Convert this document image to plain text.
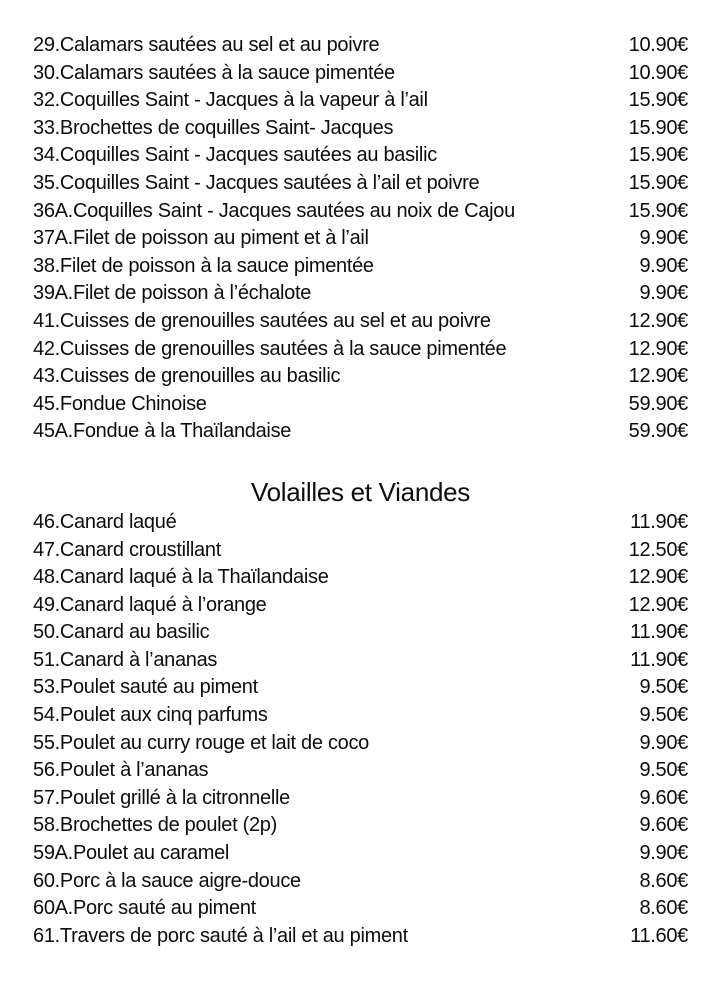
29.Calamars sautées au sel et au poivre	10.90€
30.Calamars sautées à la sauce pimentée	10.90€
32.Coquilles Saint - Jacques à la vapeur à l’ail	15.90€
33.Brochettes de coquilles Saint- Jacques	15.90€
34.Coquilles Saint - Jacques sautées au basilic	15.90€
35.Coquilles Saint - Jacques sautées à l’ail et poivre	15.90€
36A.Coquilles Saint - Jacques sautées au noix de Cajou	15.90€
37A.Filet de poisson au piment et à l’ail	9.90€
38.Filet de poisson à la sauce pimentée	9.90€
39A.Filet de poisson à l’échalote	9.90€
41.Cuisses de grenouilles sautées au sel et au poivre	12.90€
42.Cuisses de grenouilles sautées à la sauce pimentée	12.90€
43.Cuisses de grenouilles au basilic	12.90€
45.Fondue Chinoise	59.90€
45A.Fondue à la Thaïlandaise	59.90€
Volailles et Viandes
46.Canard laqué	11.90€
47.Canard croustillant	12.50€
48.Canard laqué à la Thaïlandaise	12.90€
49.Canard laqué à l’orange	12.90€
50.Canard au basilic	11.90€
51.Canard à l’ananas	11.90€
53.Poulet sauté au piment	9.50€
54.Poulet aux cinq parfums	9.50€
55.Poulet au curry rouge et lait de coco	9.90€
56.Poulet à l’ananas	9.50€
57.Poulet grillé à la citronnelle	9.60€
58.Brochettes de poulet (2p)	9.60€
59A.Poulet au caramel	9.90€
60.Porc à la sauce aigre-douce	8.60€
60A.Porc sauté au piment	8.60€
61.Travers de porc sauté à l’ail et au piment	11.60€
